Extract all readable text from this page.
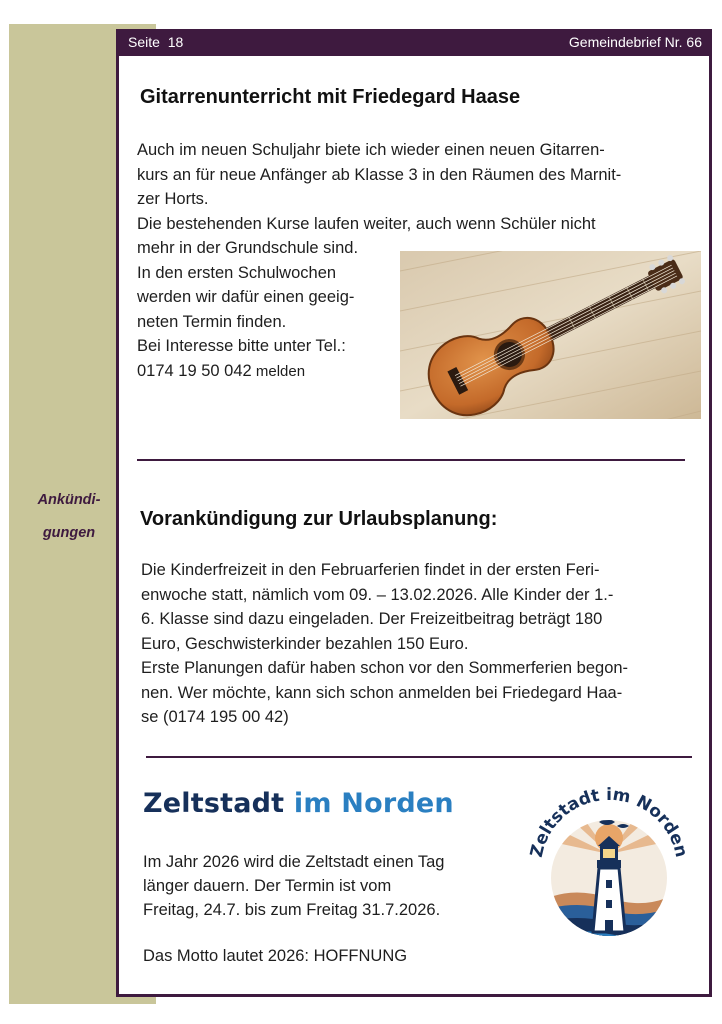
Ankündi-
gungen
Seite  18	Gemeindebrief Nr. 66
Gitarrenunterricht mit Friedegard Haase
Auch im neuen Schuljahr biete ich wieder einen neuen Gitarren-
kurs an für neue Anfänger ab Klasse 3 in den Räumen des Marnit-
zer Horts.
Die bestehenden Kurse laufen weiter, auch wenn Schüler nicht
mehr in der Grundschule sind.
In den ersten Schulwochen
werden wir dafür einen geeig-
neten Termin finden.
Bei Interesse bitte unter Tel.:
0174 19 50 042 melden
Vorankündigung zur Urlaubsplanung:
Die Kinderfreizeit in den Februarferien findet in der ersten Feri-
enwoche statt, nämlich vom 09. – 13.02.2026. Alle Kinder der 1.-
6. Klasse sind dazu eingeladen. Der Freizeitbeitrag beträgt 180
Euro, Geschwisterkinder bezahlen 150 Euro.
Erste Planungen dafür haben schon vor den Sommerferien begon-
nen. Wer möchte, kann sich schon anmelden bei Friedegard Haa-
se (0174 195 00 42)
Zeltstadt im Norden
Im Jahr 2026 wird die Zeltstadt einen Tag
länger dauern. Der Termin ist vom
Freitag, 24.7. bis zum Freitag 31.7.2026.
Das Motto lautet 2026: HOFFNUNG
Zeltstadt im Norden
